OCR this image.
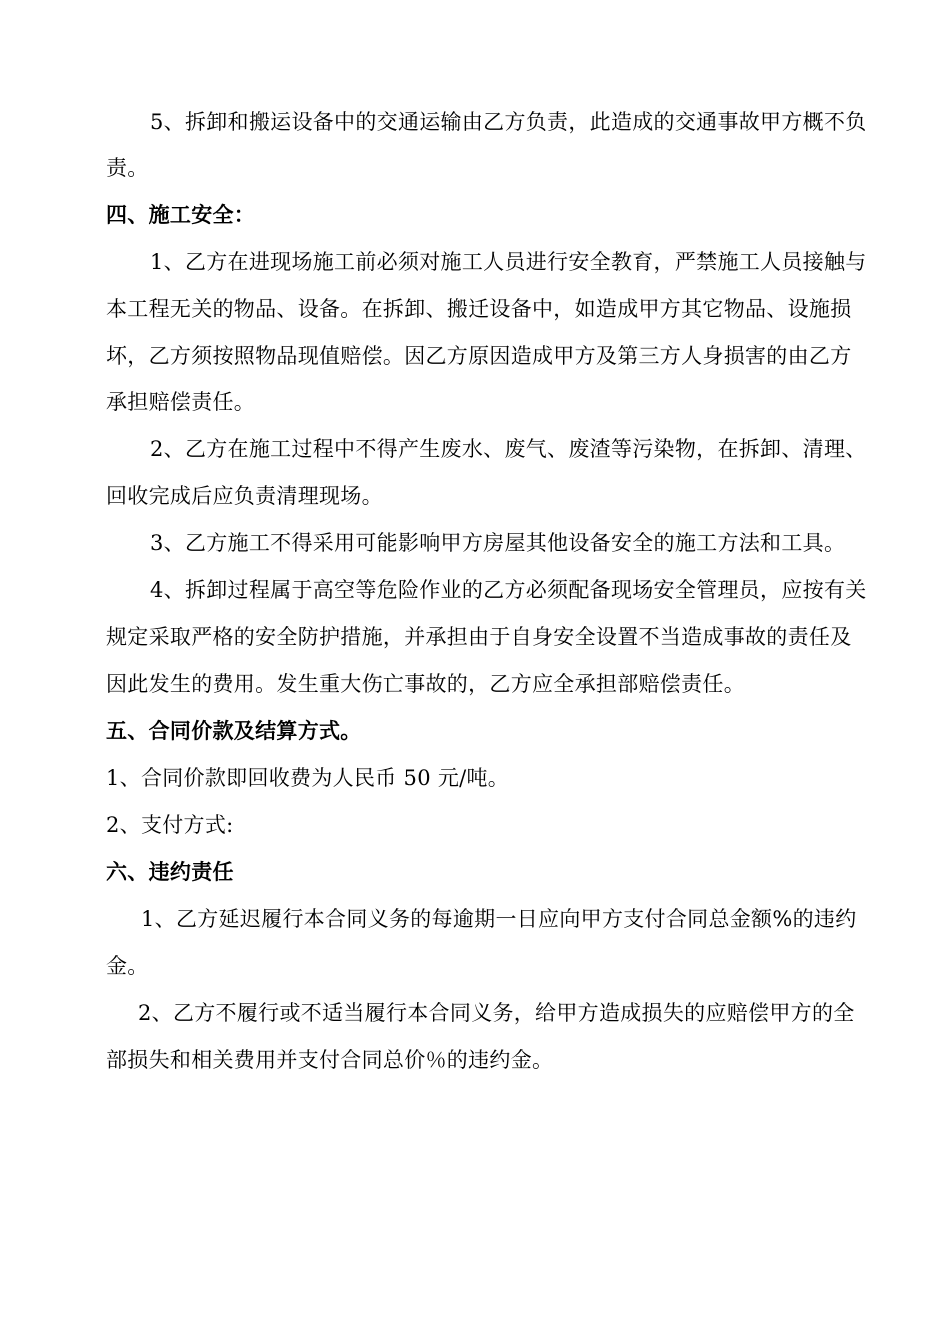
5、拆卸和搬运设备中的交通运输由乙方负责，此造成的交通事故甲方概不负
责。
四、施工安全：
1、乙方在进现场施工前必须对施工人员进行安全教育，严禁施工人员接触与
本工程无关的物品、设备。在拆卸、搬迁设备中，如造成甲方其它物品、设施损
坏，乙方须按照物品现值赔偿。因乙方原因造成甲方及第三方人身损害的由乙方
承担赔偿责任。
2、乙方在施工过程中不得产生废水、废气、废渣等污染物，在拆卸、清理、
回收完成后应负责清理现场。
3、乙方施工不得采用可能影响甲方房屋其他设备安全的施工方法和工具。
4、拆卸过程属于高空等危险作业的乙方必须配备现场安全管理员，应按有关
规定采取严格的安全防护措施，并承担由于自身安全设置不当造成事故的责任及
因此发生的费用。发生重大伤亡事故的，乙方应全承担部赔偿责任。
五、合同价款及结算方式。
1、合同价款即回收费为人民币 50 元/吨。
2、支付方式:
六、违约责任
1、乙方延迟履行本合同义务的每逾期一日应向甲方支付合同总金额%的违约
金。
2、乙方不履行或不适当履行本合同义务，给甲方造成损失的应赔偿甲方的全
部损失和相关费用并支付合同总价％的违约金。
